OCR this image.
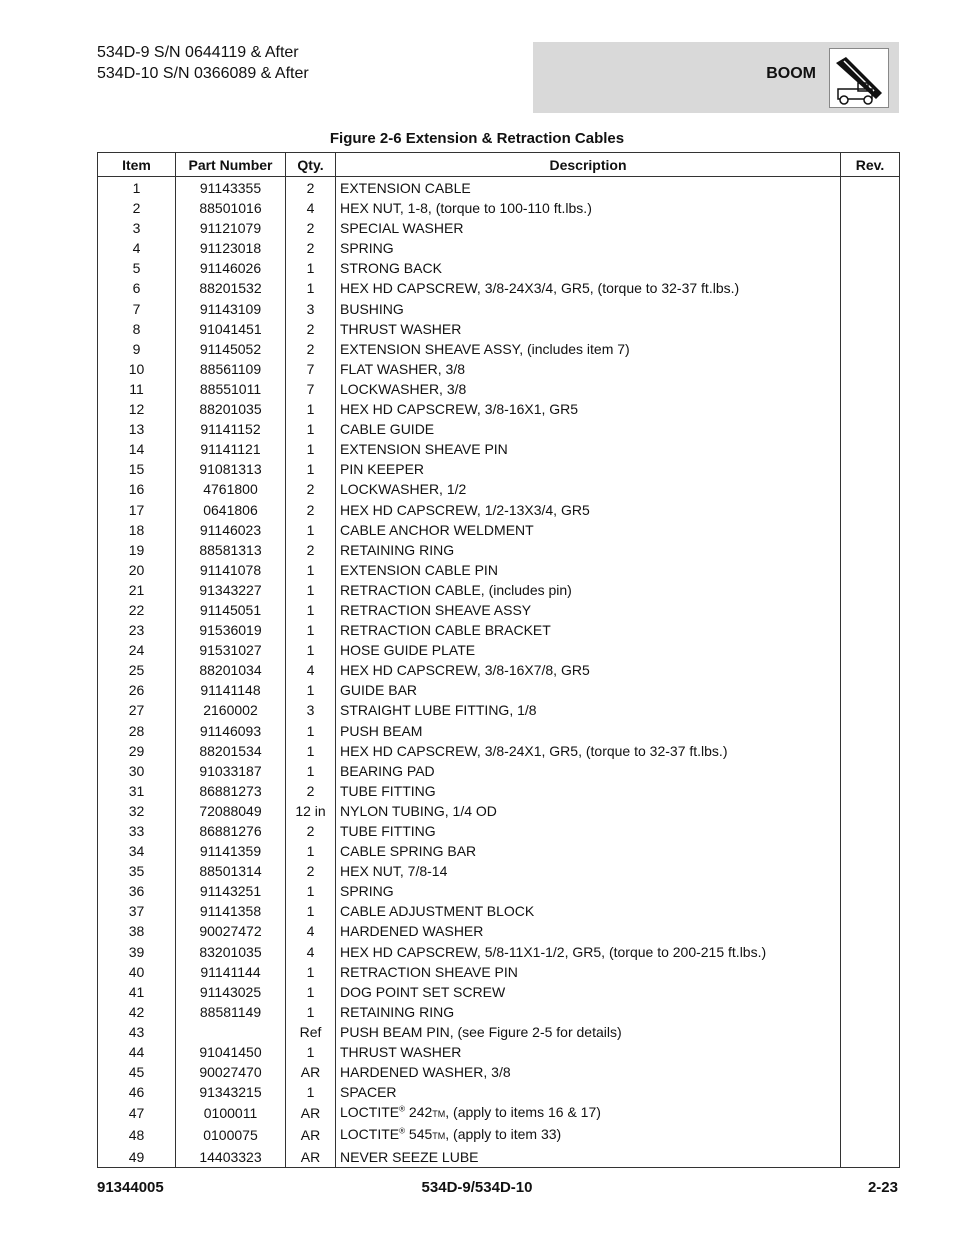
534D-9 S/N 0644119 & After
534D-10 S/N 0366089 & After	BOOM
Figure 2-6 Extension & Retraction Cables
Item	Part Number	Qty.	Description	Rev.
1	91143355	2	EXTENSION CABLE	
2	88501016	4	HEX NUT, 1-8, (torque to 100-110 ft.lbs.)	
3	91121079	2	SPECIAL WASHER	
4	91123018	2	SPRING	
5	91146026	1	STRONG BACK	
6	88201532	1	HEX HD CAPSCREW, 3/8-24X3/4, GR5, (torque to 32-37 ft.lbs.)	
7	91143109	3	BUSHING	
8	91041451	2	THRUST WASHER	
9	91145052	2	EXTENSION SHEAVE ASSY, (includes item 7)	
10	88561109	7	FLAT WASHER, 3/8	
11	88551011	7	LOCKWASHER, 3/8	
12	88201035	1	HEX HD CAPSCREW, 3/8-16X1, GR5	
13	91141152	1	CABLE GUIDE	
14	91141121	1	EXTENSION SHEAVE PIN	
15	91081313	1	PIN KEEPER	
16	4761800	2	LOCKWASHER, 1/2	
17	0641806	2	HEX HD CAPSCREW, 1/2-13X3/4, GR5	
18	91146023	1	CABLE ANCHOR WELDMENT	
19	88581313	2	RETAINING RING	
20	91141078	1	EXTENSION CABLE PIN	
21	91343227	1	RETRACTION CABLE, (includes pin)	
22	91145051	1	RETRACTION SHEAVE ASSY	
23	91536019	1	RETRACTION CABLE BRACKET	
24	91531027	1	HOSE GUIDE PLATE	
25	88201034	4	HEX HD CAPSCREW, 3/8-16X7/8, GR5	
26	91141148	1	GUIDE BAR	
27	2160002	3	STRAIGHT LUBE FITTING, 1/8	
28	91146093	1	PUSH BEAM	
29	88201534	1	HEX HD CAPSCREW, 3/8-24X1, GR5, (torque to 32-37 ft.lbs.)	
30	91033187	1	BEARING PAD	
31	86881273	2	TUBE FITTING	
32	72088049	12 in	NYLON TUBING, 1/4 OD	
33	86881276	2	TUBE FITTING	
34	91141359	1	CABLE SPRING BAR	
35	88501314	2	HEX NUT, 7/8-14	
36	91143251	1	SPRING	
37	91141358	1	CABLE ADJUSTMENT BLOCK	
38	90027472	4	HARDENED WASHER	
39	83201035	4	HEX HD CAPSCREW, 5/8-11X1-1/2, GR5, (torque to 200-215 ft.lbs.)	
40	91141144	1	RETRACTION SHEAVE PIN	
41	91143025	1	DOG POINT SET SCREW	
42	88581149	1	RETAINING RING	
43		Ref	PUSH BEAM PIN, (see Figure 2-5 for details)	
44	91041450	1	THRUST WASHER	
45	90027470	AR	HARDENED WASHER, 3/8	
46	91343215	1	SPACER	
47	0100011	AR	LOCTITE® 242TM, (apply to items 16 & 17)	
48	0100075	AR	LOCTITE® 545TM, (apply to item 33)	
49	14403323	AR	NEVER SEEZE LUBE	
91344005	534D-9/534D-10	2-23
